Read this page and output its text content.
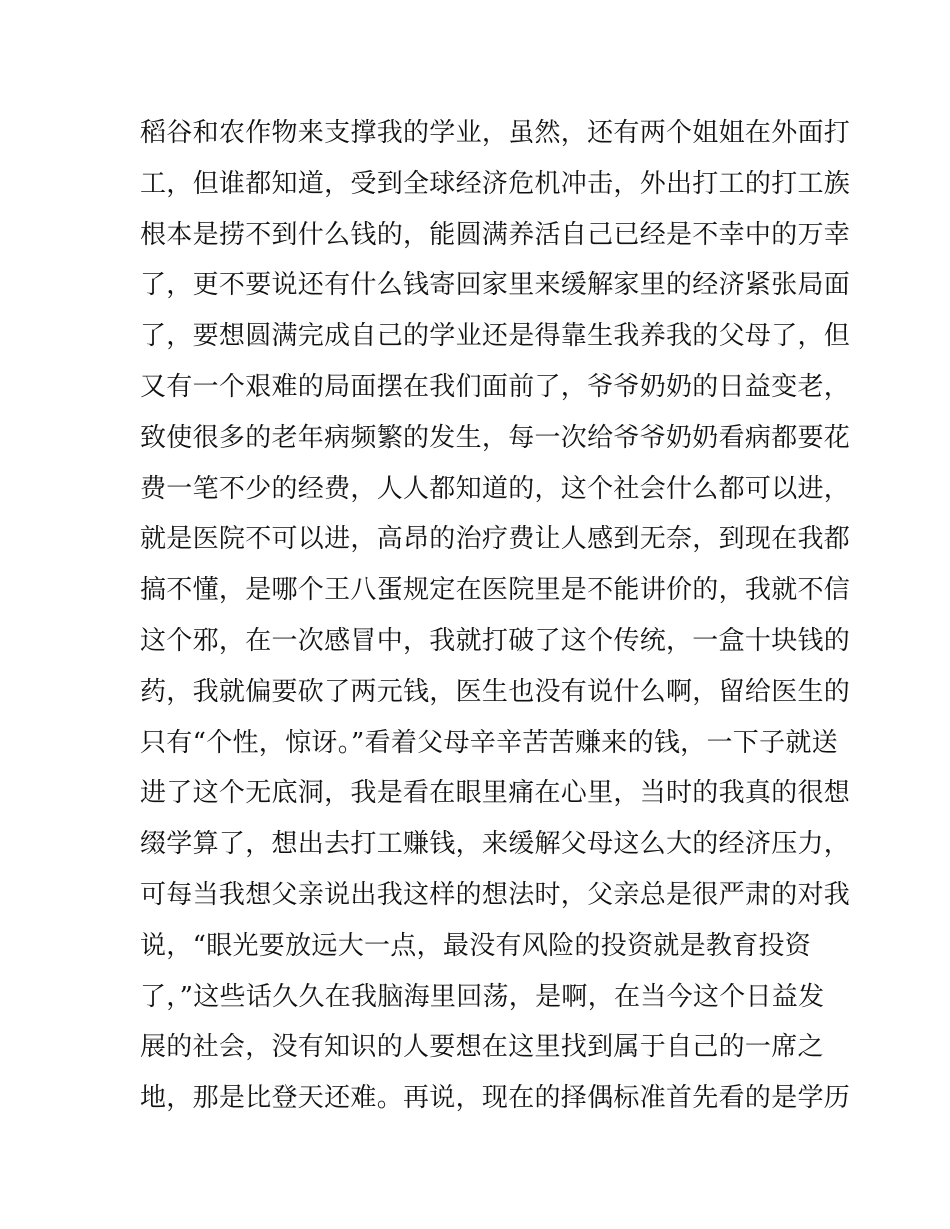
稻谷和农作物来支撑我的学业，虽然，还有两个姐姐在外面打
工，但谁都知道，受到全球经济危机冲击，外出打工的打工族
根本是捞不到什么钱的，能圆满养活自己已经是不幸中的万幸
了，更不要说还有什么钱寄回家里来缓解家里的经济紧张局面
了，要想圆满完成自己的学业还是得靠生我养我的父母了，但
又有一个艰难的局面摆在我们面前了，爷爷奶奶的日益变老，
致使很多的老年病频繁的发生，每一次给爷爷奶奶看病都要花
费一笔不少的经费，人人都知道的，这个社会什么都可以进，
就是医院不可以进，高昂的治疗费让人感到无奈，到现在我都
搞不懂，是哪个王八蛋规定在医院里是不能讲价的，我就不信
这个邪，在一次感冒中，我就打破了这个传统，一盒十块钱的
药，我就偏要砍了两元钱，医生也没有说什么啊，留给医生的
只有“个性，惊讶。”看着父母辛辛苦苦赚来的钱，一下子就送
进了这个无底洞，我是看在眼里痛在心里，当时的我真的很想
缀学算了，想出去打工赚钱，来缓解父母这么大的经济压力，
可每当我想父亲说出我这样的想法时，父亲总是很严肃的对我
说，“眼光要放远大一点，最没有风险的投资就是教育投资
了，”这些话久久在我脑海里回荡，是啊，在当今这个日益发
展的社会，没有知识的人要想在这里找到属于自己的一席之
地，那是比登天还难。再说，现在的择偶标准首先看的是学历
